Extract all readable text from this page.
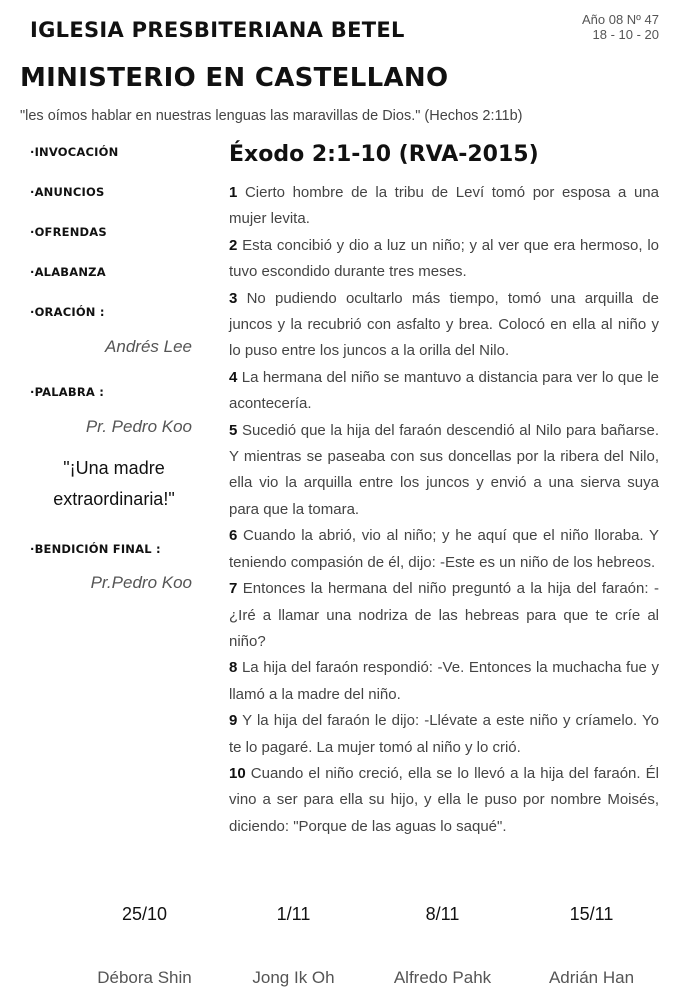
IGLESIA PRESBITERIANA BETEL	Año 08 Nº 47
18 - 10 - 20
MINISTERIO EN CASTELLANO
"les oímos hablar en nuestras lenguas las maravillas de Dios." (Hechos 2:11b)
·INVOCACIÓN
·ANUNCIOS
·OFRENDAS
·ALABANZA
·ORACIÓN :
Andrés Lee
·PALABRA :
Pr. Pedro Koo
"¡Una madre
extraordinaria!"
·BENDICIÓN FINAL :
Pr.Pedro Koo
Éxodo 2:1-10 (RVA-2015)

1 Cierto hombre de la tribu de Leví tomó por esposa a una mujer levita.

2 Esta concibió y dio a luz un niño; y al ver que era hermoso, lo tuvo escondido durante tres meses.

3 No pudiendo ocultarlo más tiempo, tomó una arquilla de juncos y la recubrió con asfalto y brea. Colocó en ella al niño y lo puso entre los juncos a la orilla del Nilo.

4 La hermana del niño se mantuvo a distancia para ver lo que le acontecería.

5 Sucedió que la hija del faraón descendió al Nilo para bañarse. Y mientras se paseaba con sus doncellas por la ribera del Nilo, ella vio la arquilla entre los juncos y envió a una sierva suya para que la tomara.

6 Cuando la abrió, vio al niño; y he aquí que el niño lloraba. Y teniendo compasión de él, dijo: -Este es un niño de los hebreos.

7 Entonces la hermana del niño preguntó a la hija del faraón: -¿Iré a llamar una nodriza de las hebreas para que te críe al niño?

8 La hija del faraón respondió: -Ve. Entonces la muchacha fue y llamó a la madre del niño.

9 Y la hija del faraón le dijo: -Llévate a este niño y críamelo. Yo te lo pagaré. La mujer tomó al niño y lo crió.

10 Cuando el niño creció, ella se lo llevó a la hija del faraón. Él vino a ser para ella su hijo, y ella le puso por nombre Moisés, diciendo: "Porque de las aguas lo saqué".

25/10	1/11	8/11	15/11
Débora Shin	Jong Ik Oh	Alfredo Pahk	Adrián Han
